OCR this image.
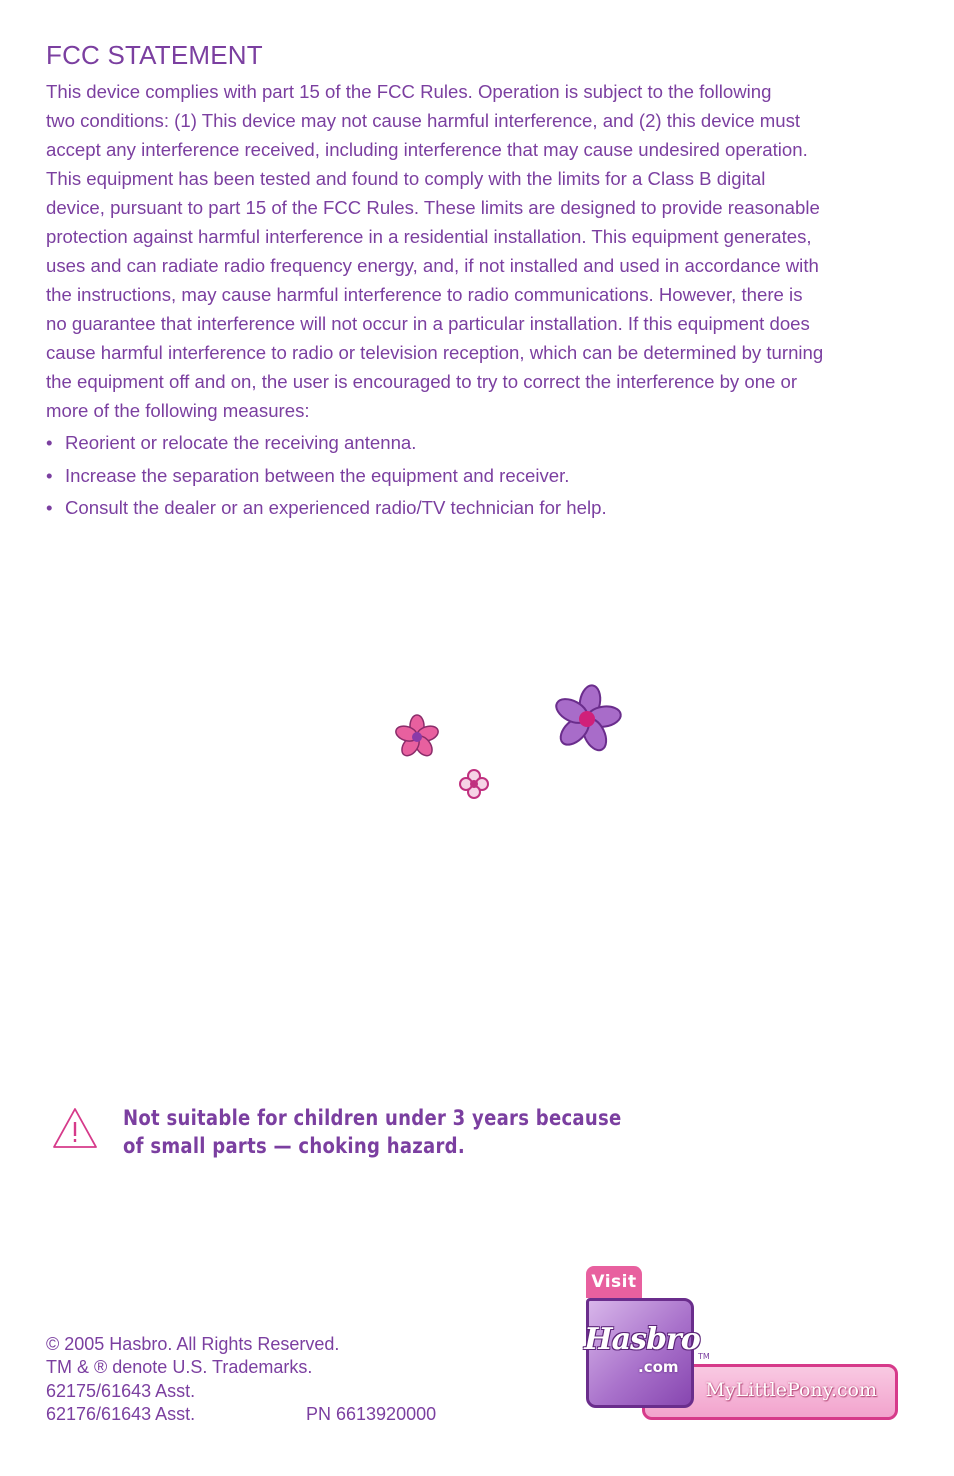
FCC STATEMENT

This device complies with part 15 of the FCC Rules. Operation is subject to the following
two conditions: (1) This device may not cause harmful interference, and (2) this device must
accept any interference received, including interference that may cause undesired operation.
This equipment has been tested and found to comply with the limits for a Class B digital
device, pursuant to part 15 of the FCC Rules. These limits are designed to provide reasonable
protection against harmful interference in a residential installation. This equipment generates,
uses and can radiate radio frequency energy, and, if not installed and used in accordance with
the instructions, may cause harmful interference to radio communications. However, there is
no guarantee that interference will not occur in a particular installation. If this equipment does
cause harmful interference to radio or television reception, which can be determined by turning
the equipment off and on, the user is encouraged to try to correct the interference by one or
more of the following measures:

• Reorient or relocate the receiving antenna.
• Increase the separation between the equipment and receiver.
• Consult the dealer or an experienced radio/TV technician for help.

Not suitable for children under 3 years because
of small parts — choking hazard.

© 2005 Hasbro. All Rights Reserved.
TM & ® denote U.S. Trademarks.
62175/61643 Asst.
62176/61643 Asst.	PN 6613920000
MyLittlePony.com
Visit
Hasbro
.com
TM
